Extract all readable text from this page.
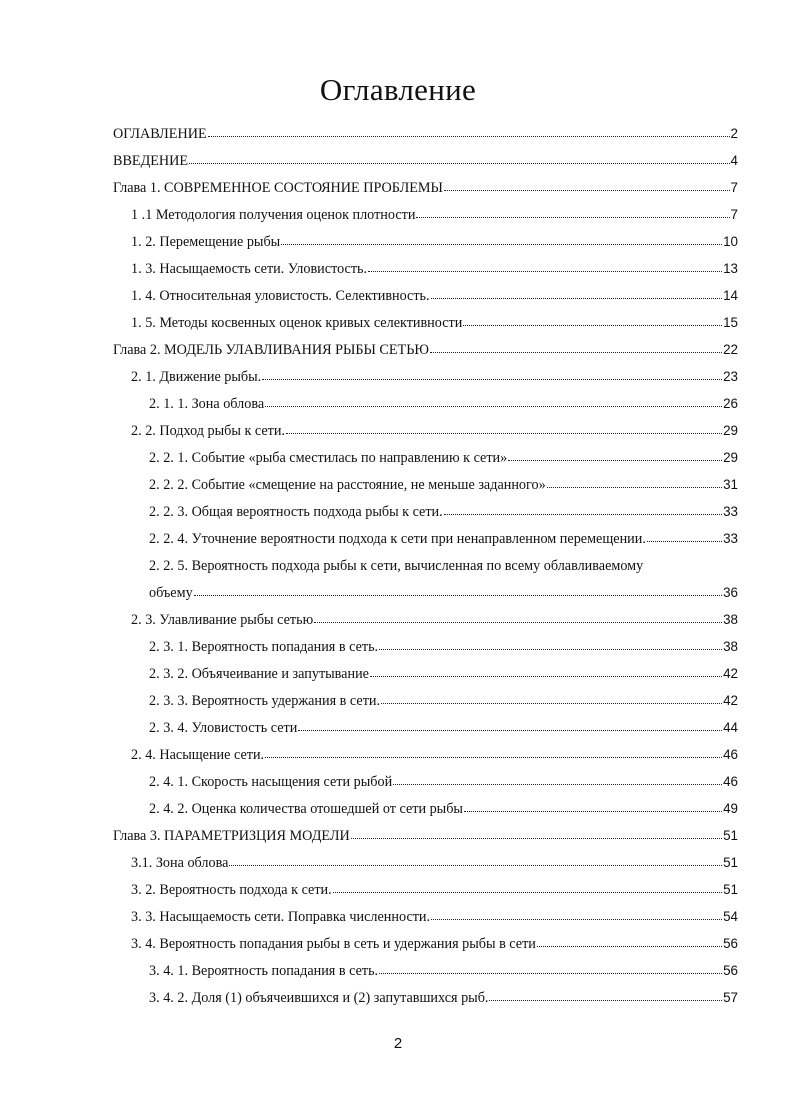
Оглавление
ОГЛАВЛЕНИЕ	2
ВВЕДЕНИЕ	4
Глава 1. СОВРЕМЕННОЕ СОСТОЯНИЕ ПРОБЛЕМЫ	7
1 .1 Методология получения оценок плотности	7
1. 2. Перемещение рыбы	10
1. 3. Насыщаемость сети. Уловистость.	13
1. 4. Относительная уловистость. Селективность.	14
1. 5. Методы косвенных оценок кривых селективности	15
Глава 2. МОДЕЛЬ УЛАВЛИВАНИЯ РЫБЫ СЕТЬЮ	22
2. 1. Движение рыбы.	23
2. 1. 1. Зона облова	26
2. 2. Подход рыбы к сети.	29
2. 2. 1. Событие «рыба сместилась по направлению к сети»	29
2. 2. 2. Событие «смещение на расстояние, не меньше заданного»	31
2. 2. 3. Общая вероятность подхода рыбы к сети.	33
2. 2. 4. Уточнение вероятности подхода к сети при ненаправленном перемещении.	33
2. 2. 5. Вероятность подхода рыбы к сети, вычисленная по всему облавливаемому
объему	36
2. 3. Улавливание рыбы сетью	38
2. 3. 1. Вероятность попадания в сеть.	38
2. 3. 2. Объячеивание и запутывание	42
2. 3. 3. Вероятность удержания в сети.	42
2. 3. 4. Уловистость сети	44
2. 4. Насыщение сети.	46
2. 4. 1. Скорость насыщения сети рыбой	46
2. 4. 2. Оценка количества отошедшей от сети рыбы	49
Глава 3. ПАРАМЕТРИЗЦИЯ МОДЕЛИ	51
3.1. Зона облова	51
3. 2. Вероятность подхода к сети.	51
3. 3. Насыщаемость сети. Поправка численности.	54
3. 4. Вероятность попадания рыбы в сеть и удержания рыбы в сети	56
3. 4. 1. Вероятность попадания в сеть.	56
3. 4. 2. Доля (1) объячеившихся и (2) запутавшихся рыб.	57
2
